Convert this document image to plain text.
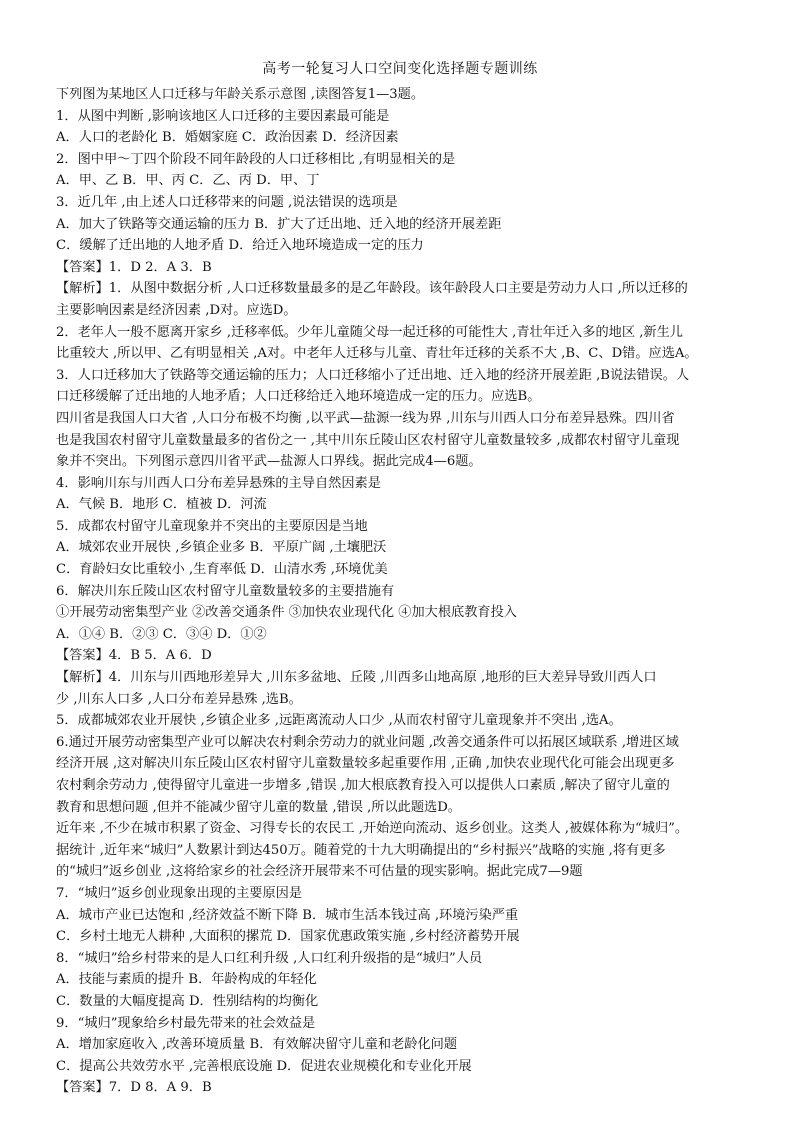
高考一轮复习人口空间变化选择题专题训练
下列图为某地区人口迁移与年龄关系示意图 ,读图答复1—3题。
1．从图中判断 ,影响该地区人口迁移的主要因素最可能是
A．人口的老龄化 B．婚姻家庭 C．政治因素 D．经济因素
2．图中甲～丁四个阶段不同年龄段的人口迁移相比 ,有明显相关的是
A．甲、乙 B．甲、丙 C．乙、丙 D．甲、丁
3．近几年 ,由上述人口迁移带来的问题 ,说法错误的选项是
A．加大了铁路等交通运输的压力 B．扩大了迁出地、迁入地的经济开展差距
C．缓解了迁出地的人地矛盾 D．给迁入地环境造成一定的压力
【答案】1．D 2．A 3．B
【解析】1．从图中数据分析 ,人口迁移数量最多的是乙年龄段。该年龄段人口主要是劳动力人口 ,所以迁移的
主要影响因素是经济因素 ,D对。应选D。
2．老年人一般不愿离开家乡 ,迁移率低。少年儿童随父母一起迁移的可能性大 ,青壮年迁入多的地区 ,新生儿
比重较大 ,所以甲、乙有明显相关 ,A对。中老年人迁移与儿童、青壮年迁移的关系不大 ,B、C、D错。应选A。
3．人口迁移加大了铁路等交通运输的压力；人口迁移缩小了迁出地、迁入地的经济开展差距 ,B说法错误。人
口迁移缓解了迁出地的人地矛盾；人口迁移给迁入地环境造成一定的压力。应选B。
四川省是我国人口大省 ,人口分布极不均衡 ,以平武—盐源一线为界 ,川东与川西人口分布差异悬殊。四川省
也是我国农村留守儿童数量最多的省份之一 ,其中川东丘陵山区农村留守儿童数量较多 ,成都农村留守儿童现
象并不突出。下列图示意四川省平武—盐源人口界线。据此完成4—6题。
4．影响川东与川西人口分布差异悬殊的主导自然因素是
A．气候 B．地形 C．植被 D．河流
5．成都农村留守儿童现象并不突出的主要原因是当地
A．城郊农业开展快 ,乡镇企业多 B．平原广阔 ,土壤肥沃
C．育龄妇女比重较小 ,生育率低 D．山清水秀 ,环境优美
6．解决川东丘陵山区农村留守儿童数量较多的主要措施有
①开展劳动密集型产业 ②改善交通条件 ③加快农业现代化 ④加大根底教育投入
A．①④ B．②③ C．③④ D．①②
【答案】4．B 5．A 6．D
【解析】4．川东与川西地形差异大 ,川东多盆地、丘陵 ,川西多山地高原 ,地形的巨大差异导致川西人口
少 ,川东人口多 ,人口分布差异悬殊 ,选B。
5．成都城郊农业开展快 ,乡镇企业多 ,远距离流动人口少 ,从而农村留守儿童现象并不突出 ,选A。
6.通过开展劳动密集型产业可以解决农村剩余劳动力的就业问题 ,改善交通条件可以拓展区域联系 ,增进区域
经济开展 ,这对解决川东丘陵山区农村留守儿童数量较多起重要作用 ,正确 ,加快农业现代化可能会出现更多
农村剩余劳动力 ,使得留守儿童进一步增多 ,错误 ,加大根底教育投入可以提供人口素质 ,解决了留守儿童的
教育和思想问题 ,但并不能减少留守儿童的数量 ,错误 ,所以此题选D。
近年来 ,不少在城市积累了资金、习得专长的农民工 ,开始逆向流动、返乡创业。这类人 ,被媒体称为“城归”。
据统计 ,近年来“城归”人数累计到达450万。随着党的十九大明确提出的“乡村振兴”战略的实施 ,将有更多
的“城归”返乡创业 ,这将给家乡的社会经济开展带来不可估量的现实影响。据此完成7—9题
7．“城归”返乡创业现象出现的主要原因是
A．城市产业已达饱和 ,经济效益不断下降 B．城市生活本钱过高 ,环境污染严重
C．乡村土地无人耕种 ,大面积的摞荒 D．国家优惠政策实施 ,乡村经济蓄势开展
8．“城归”给乡村带来的是人口红利升级 ,人口红利升级指的是“城归”人员
A．技能与素质的提升 B．年龄构成的年轻化
C．数量的大幅度提高 D．性别结构的均衡化
9．“城归”现象给乡村最先带来的社会效益是
A．增加家庭收入 ,改善环境质量 B．有效解决留守儿童和老龄化问题
C．提高公共效劳水平 ,完善根底设施 D．促进农业规模化和专业化开展
【答案】7．D 8．A 9．B
